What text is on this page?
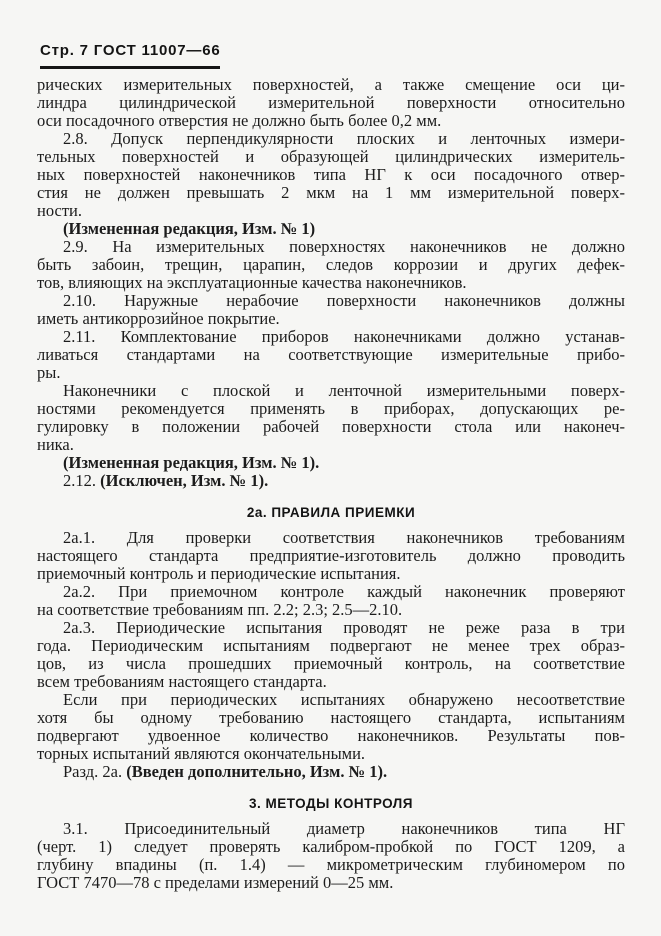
Стр. 7 ГОСТ 11007—66
рических измерительных поверхностей, а также смещение оси ци-
линдра цилиндрической измерительной поверхности относительно
оси посадочного отверстия не должно быть более 0,2 мм.
2.8. Допуск перпендикулярности плоских и ленточных измери-
тельных поверхностей и образующей цилиндрических измеритель-
ных поверхностей наконечников типа НГ к оси посадочного отвер-
стия не должен превышать 2 мкм на 1 мм измерительной поверх-
ности.
(Измененная редакция, Изм. № 1)
2.9. На измерительных поверхностях наконечников не должно
быть забоин, трещин, царапин, следов коррозии и других дефек-
тов, влияющих на эксплуатационные качества наконечников.
2.10. Наружные нерабочие поверхности наконечников должны
иметь антикоррозийное покрытие.
2.11. Комплектование приборов наконечниками должно устанав-
ливаться стандартами на соответствующие измерительные прибо-
ры.
Наконечники с плоской и ленточной измерительными поверх-
ностями рекомендуется применять в приборах, допускающих ре-
гулировку в положении рабочей поверхности стола или наконеч-
ника.
(Измененная редакция, Изм. № 1).
2.12. (Исключен, Изм. № 1).
2а. ПРАВИЛА ПРИЕМКИ
2а.1. Для проверки соответствия наконечников требованиям
настоящего стандарта предприятие-изготовитель должно проводить
приемочный контроль и периодические испытания.
2а.2. При приемочном контроле каждый наконечник проверяют
на соответствие требованиям пп. 2.2; 2.3; 2.5—2.10.
2а.3. Периодические испытания проводят не реже раза в три
года. Периодическим испытаниям подвергают не менее трех образ-
цов, из числа прошедших приемочный контроль, на соответствие
всем требованиям настоящего стандарта.
Если при периодических испытаниях обнаружено несоответствие
хотя бы одному требованию настоящего стандарта, испытаниям
подвергают удвоенное количество наконечников. Результаты пов-
торных испытаний являются окончательными.
Разд. 2а. (Введен дополнительно, Изм. № 1).
3. МЕТОДЫ КОНТРОЛЯ
3.1. Присоединительный диаметр наконечников типа НГ
(черт. 1) следует проверять калибром-пробкой по ГОСТ 1209, а
глубину впадины (п. 1.4) — микрометрическим глубиномером по
ГОСТ 7470—78 с пределами измерений 0—25 мм.
